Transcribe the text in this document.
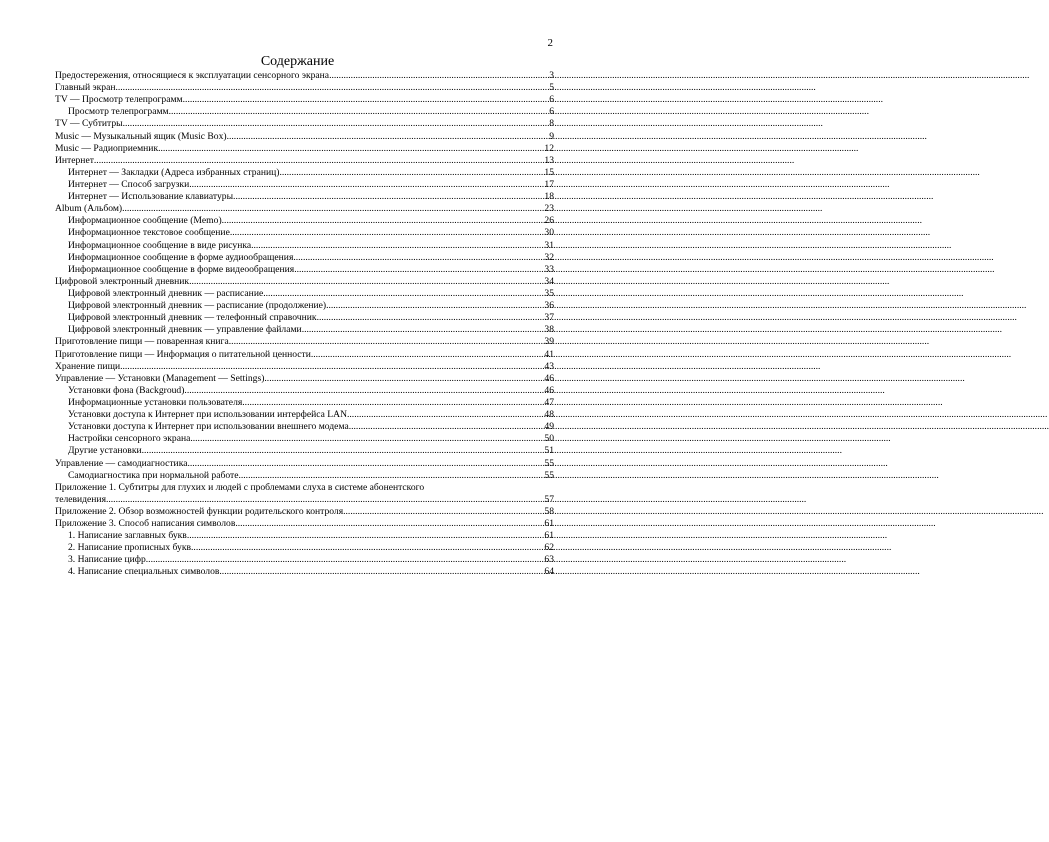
2
Содержание
Предостережения, относящиеся к эксплуатации сенсорного экрана .....	3
Главный экран .....	5
TV — Просмотр телепрограмм .....	6
Просмотр телепрограмм .....	6
TV — Субтитры .....	8
Music — Музыкальный ящик (Music Box) .....	9
Music — Радиоприемник .....	12
Интернет .....	13
Интернет — Закладки (Адреса избранных страниц) .....	15
Интернет — Способ загрузки .....	17
Интернет — Использование клавиатуры .....	18
Album (Альбом) .....	23
Информационное сообщение (Memo) .....	26
Информационное текстовое сообщение .....	30
Информационное сообщение в виде рисунка .....	31
Информационное сообщение в форме аудиообращения .....	32
Информационное сообщение в форме видеообращения .....	33
Цифровой электронный дневник .....	34
Цифровой электронный дневник — расписание .....	35
Цифровой электронный дневник — расписание (продолжение) .....	36
Цифровой электронный дневник — телефонный справочник .....	37
Цифровой электронный дневник — управление файлами .....	38
Приготовление пищи — поваренная книга .....	39
Приготовление пищи — Информация о питательной ценности .....	41
Хранение пищи .....	43
Управление — Установки (Management — Settings) .....	46
Установки фона (Backgroud) .....	46
Информационные установки пользователя .....	47
Установки доступа к Интернет при использовании интерфейса LAN .....	48
Установки доступа к Интернет при использовании внешнего модема .....	49
Настройки сенсорного экрана .....	50
Другие установки .....	51
Управление — самодиагностика .....	55
Самодиагностика при нормальной работе .....	55
Приложение 1. Субтитры для глухих и людей с проблемами слуха в системе абонентского
телевидения .....	57
Приложение 2. Обзор возможностей функции родительского контроля .....	58
Приложение 3. Способ написания символов .....	61
1. Написание заглавных букв .....	61
2. Написание прописных букв .....	62
3. Написание цифр .....	63
4. Написание специальных символов .....	64
